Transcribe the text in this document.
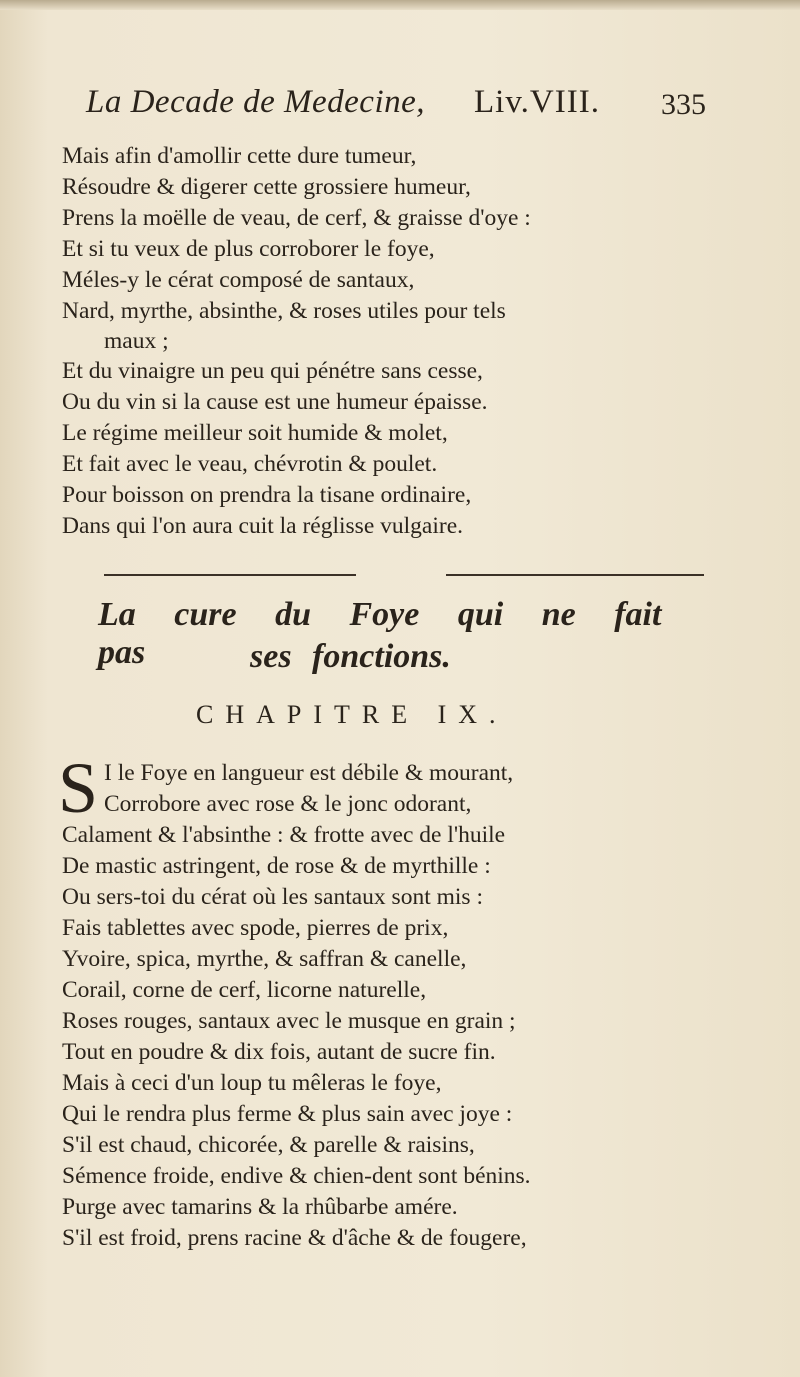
La Decade de Medecine, Liv.VIII. 335
Mais afin d'amollir cette dure tumeur,
Résoudre & digerer cette grossiere humeur,
Prens la moëlle de veau, de cerf, & graisse d'oye :
Et si tu veux de plus corroborer le foye,
Méles-y le cérat composé de santaux,
Nard, myrthe, absinthe, & roses utiles pour tels
maux ;
Et du vinaigre un peu qui pénétre sans cesse,
Ou du vin si la cause est une humeur épaisse.
Le régime meilleur soit humide & molet,
Et fait avec le veau, chévrotin & poulet.
Pour boisson on prendra la tisane ordinaire,
Dans qui l'on aura cuit la réglisse vulgaire.
La cure du Foye qui ne fait pas	ses fonctions.
CHAPITRE IX.
S I le Foye en langueur est débile & mourant,
Corrobore avec rose & le jonc odorant,
Calament & l'absinthe : & frotte avec de l'huile
De mastic astringent, de rose & de myrthille :
Ou sers-toi du cérat où les santaux sont mis :
Fais tablettes avec spode, pierres de prix,
Yvoire, spica, myrthe, & saffran & canelle,
Corail, corne de cerf, licorne naturelle,
Roses rouges, santaux avec le musque en grain ;
Tout en poudre & dix fois, autant de sucre fin.
Mais à ceci d'un loup tu mêleras le foye,
Qui le rendra plus ferme & plus sain avec joye :
S'il est chaud, chicorée, & parelle & raisins,
Sémence froide, endive & chien-dent sont bénins.
Purge avec tamarins & la rhûbarbe amére.
S'il est froid, prens racine & d'âche & de fougere,
